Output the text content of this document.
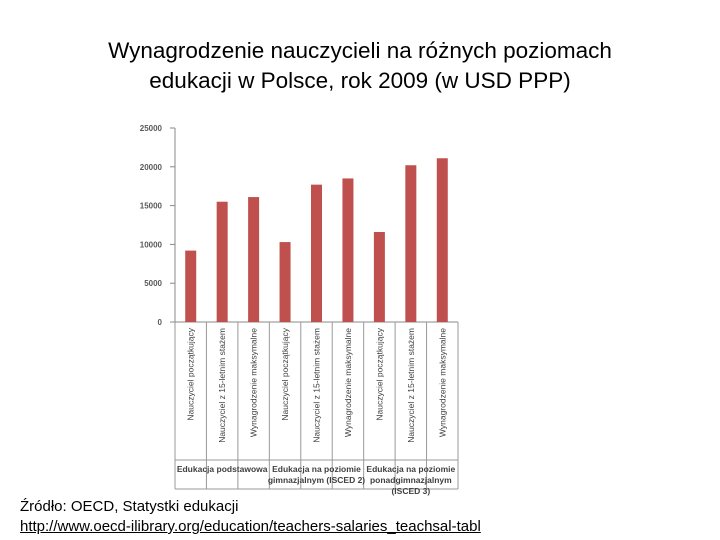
Wynagrodzenie nauczycieli na różnych poziomach
edukacji w Polsce, rok 2009 (w USD PPP)
0
5000
10000
15000
20000
25000
Nauczyciel początkujący	Nauczyciel z 15-letnim stażem	Wynagrodzenie maksymalne	Nauczyciel początkujący	Nauczyciel z 15-letnim stażem	Wynagrodzenie maksymalne	Nauczyciel początkujący	Nauczyciel z 15-letnim stażem	Wynagrodzenie maksymalne
Edukacja podstawowa Edukacja na poziomie
gimnazjalnym (ISCED 2)
Edukacja na poziomie
ponadgimnazjalnym
(ISCED 3)
Źródło: OECD, Statystki edukacji
http://www.oecd-ilibrary.org/education/teachers-salaries_teachsal-tabl
